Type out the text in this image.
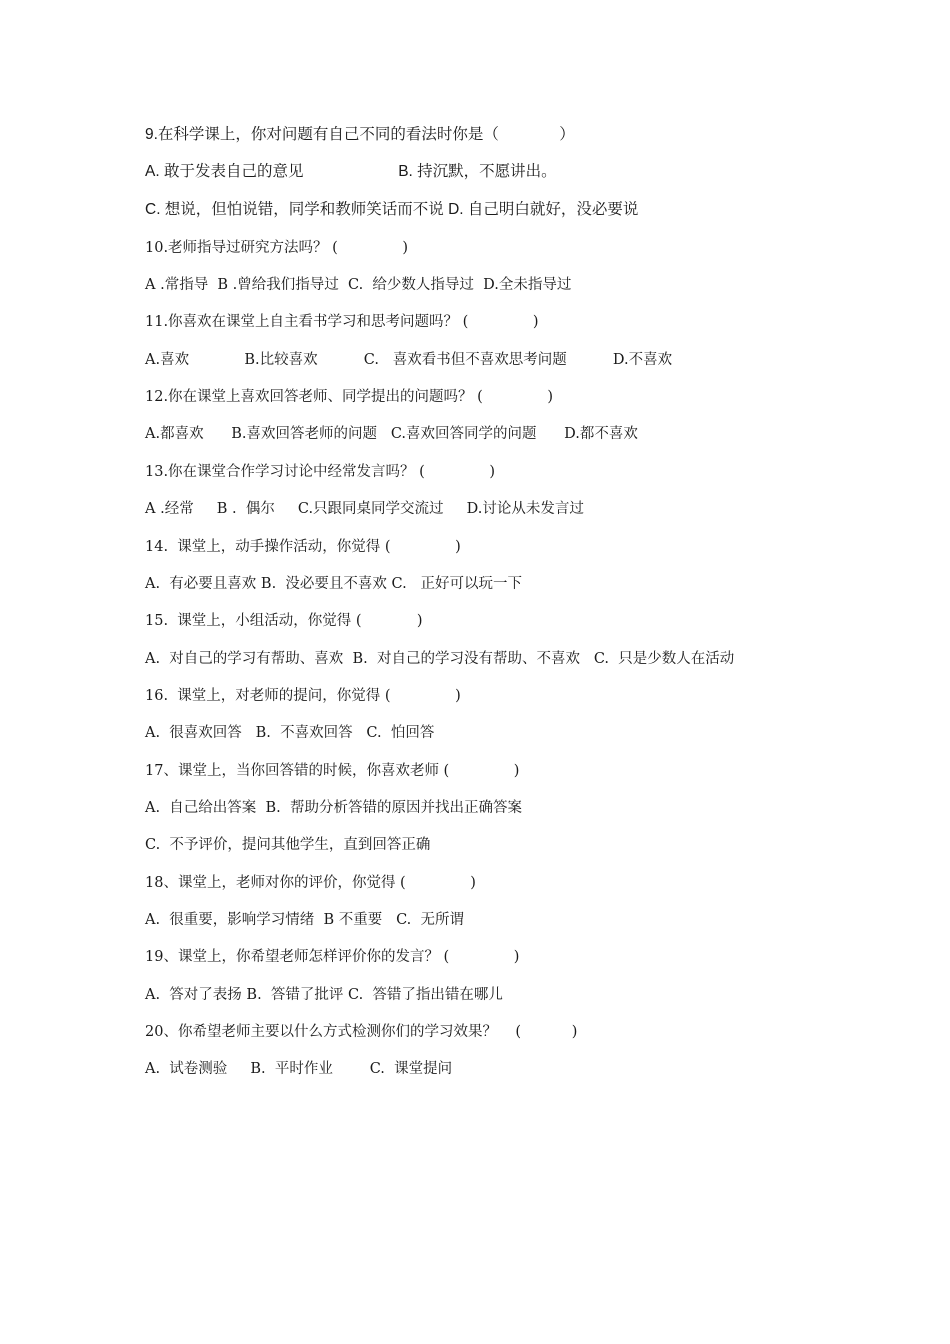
9.在科学课上，你对问题有自己不同的看法时你是（              ）

A. 敢于发表自己的意见                      B. 持沉默，不愿讲出。

C. 想说，但怕说错，同学和教师笑话而不说 D. 自己明白就好，没必要说

10.老师指导过研究方法吗？ (              )

A .常指导  B .曾给我们指导过  C.  给少数人指导过  D.全未指导过

11.你喜欢在课堂上自主看书学习和思考问题吗？ (              )

A.喜欢            B.比较喜欢          C.   喜欢看书但不喜欢思考问题          D.不喜欢

12.你在课堂上喜欢回答老师、同学提出的问题吗？ (              )

A.都喜欢      B.喜欢回答老师的问题   C.喜欢回答同学的问题      D.都不喜欢

13.你在课堂合作学习讨论中经常发言吗？ (              )

A .经常     B .  偶尔     C.只跟同桌同学交流过     D.讨论从未发言过

14.  课堂上，动手操作活动，你觉得 (              )

A.  有必要且喜欢 B.  没必要且不喜欢 C.   正好可以玩一下

15.  课堂上，小组活动，你觉得 (            )

A.  对自己的学习有帮助、喜欢  B.  对自己的学习没有帮助、不喜欢   C.  只是少数人在活动

16.  课堂上，对老师的提问，你觉得 (              )

A.  很喜欢回答   B.  不喜欢回答   C.  怕回答

17、课堂上，当你回答错的时候，你喜欢老师 (              )

A.  自己给出答案  B.  帮助分析答错的原因并找出正确答案

C.  不予评价，提问其他学生，直到回答正确

18、课堂上，老师对你的评价，你觉得 (              )

A.  很重要，影响学习情绪  B 不重要   C.  无所谓

19、课堂上，你希望老师怎样评价你的发言？ (              )

A.  答对了表扬 B.  答错了批评 C.  答错了指出错在哪儿

20、你希望老师主要以什么方式检测你们的学习效果？    (           )

A.  试卷测验     B.  平时作业        C.  课堂提问
